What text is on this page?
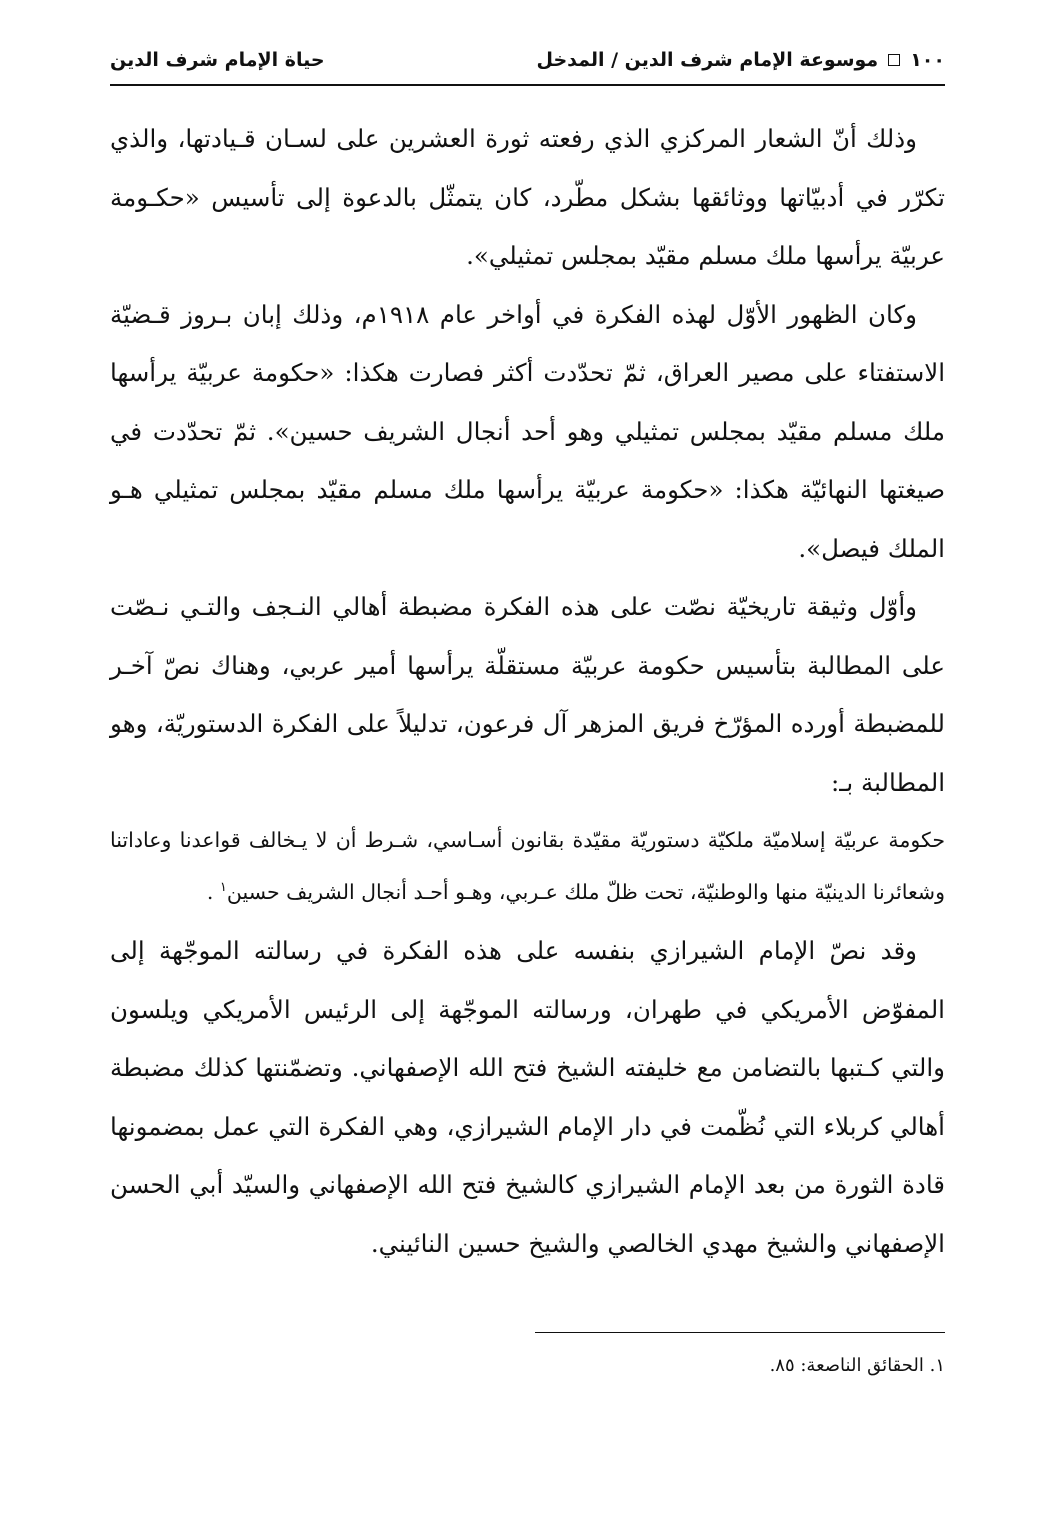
١٠٠
موسوعة الإمام شرف الدين / المدخل
حياة الإمام شرف الدين

وذلك أنّ الشعار المركزي الذي رفعته ثورة العشرين على لسـان قـيادتها، والذي تكرّر في أدبيّاتها ووثائقها بشكل مطّرد، كان يتمثّل بالدعوة إلى تأسيس «حكـومة عربيّة يرأسها ملك مسلم مقيّد بمجلس تمثيلي».

وكان الظهور الأوّل لهذه الفكرة في أواخر عام ١٩١٨م، وذلك إبان بـروز قـضيّة الاستفتاء على مصير العراق، ثمّ تحدّدت أكثر فصارت هكذا: «حكومة عربيّة يرأسها ملك مسلم مقيّد بمجلس تمثيلي وهو أحد أنجال الشريف حسين». ثمّ تحدّدت في صيغتها النهائيّة هكذا: «حكومة عربيّة يرأسها ملك مسلم مقيّد بمجلس تمثيلي هـو الملك فيصل».

وأوّل وثيقة تاريخيّة نصّت على هذه الفكرة مضبطة أهالي النـجف والتـي نـصّت على المطالبة بتأسيس حكومة عربيّة مستقلّة يرأسها أمير عربي، وهناك نصّ آخـر للمضبطة أورده المؤرّخ فريق المزهر آل فرعون، تدليلاً على الفكرة الدستوريّة، وهو المطالبة بـ:

حكومة عربيّة إسلاميّة ملكيّة دستوريّة مقيّدة بقانون أسـاسي، شـرط أن لا يـخالف قواعدنا وعاداتنا وشعائرنا الدينيّة منها والوطنيّة، تحت ظلّ ملك عـربي، وهـو أحـد أنجال الشريف حسين$^١$ .

وقد نصّ الإمام الشيرازي بنفسه على هذه الفكرة في رسالته الموجّهة إلى المفوّض الأمريكي في طهران، ورسالته الموجّهة إلى الرئيس الأمريكي ويلسون والتي كـتبها بالتضامن مع خليفته الشيخ فتح الله الإصفهاني. وتضمّنتها كذلك مضبطة أهالي كربلاء التي نُظّمت في دار الإمام الشيرازي، وهي الفكرة التي عمل بمضمونها قادة الثورة من بعد الإمام الشيرازي كالشيخ فتح الله الإصفهاني والسيّد أبي الحسن الإصفهاني والشيخ مهدي الخالصي والشيخ حسين النائيني.

١. الحقائق الناصعة: ٨٥.
